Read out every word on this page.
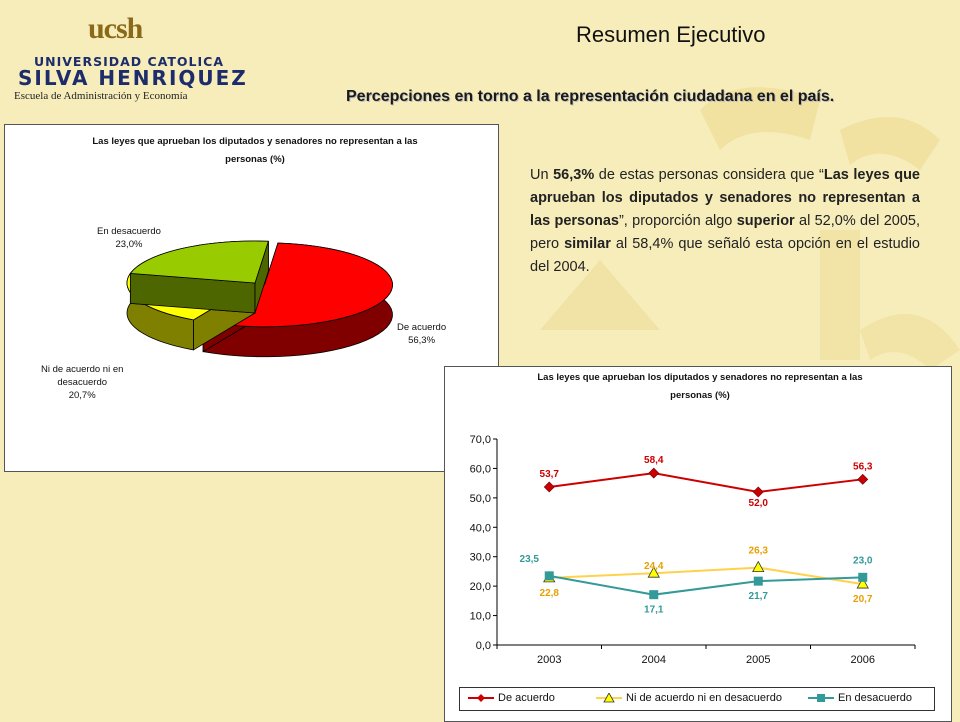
ucsh
UNIVERSIDAD CATOLICA
SILVA HENRIQUEZ
Escuela de Administración y Economía
Resumen Ejecutivo
Percepciones en torno a la representación ciudadana en el país.
Un 56,3% de estas personas considera que “Las leyes que aprueban los diputados y senadores no representan a las personas”, proporción algo superior al 52,0% del 2005, pero similar al 58,4% que señaló esta opción en el estudio del 2004.
Las leyes que aprueban los diputados y senadores no representan a las
personas (%)
En desacuerdo
23,0%
De acuerdo
56,3%
Ni de acuerdo ni en
desacuerdo
20,7%
Las leyes que aprueban los diputados y senadores no representan a las
personas (%)
0,0
10,0
20,0
30,0
40,0
50,0
60,0
70,0
2003	2004	2005	2006
53,7
58,4
52,0
56,3
22,8
24,4
26,3
20,7
23,5
17,1
21,7
23,0
De acuerdo	Ni de acuerdo ni en desacuerdo	En desacuerdo
